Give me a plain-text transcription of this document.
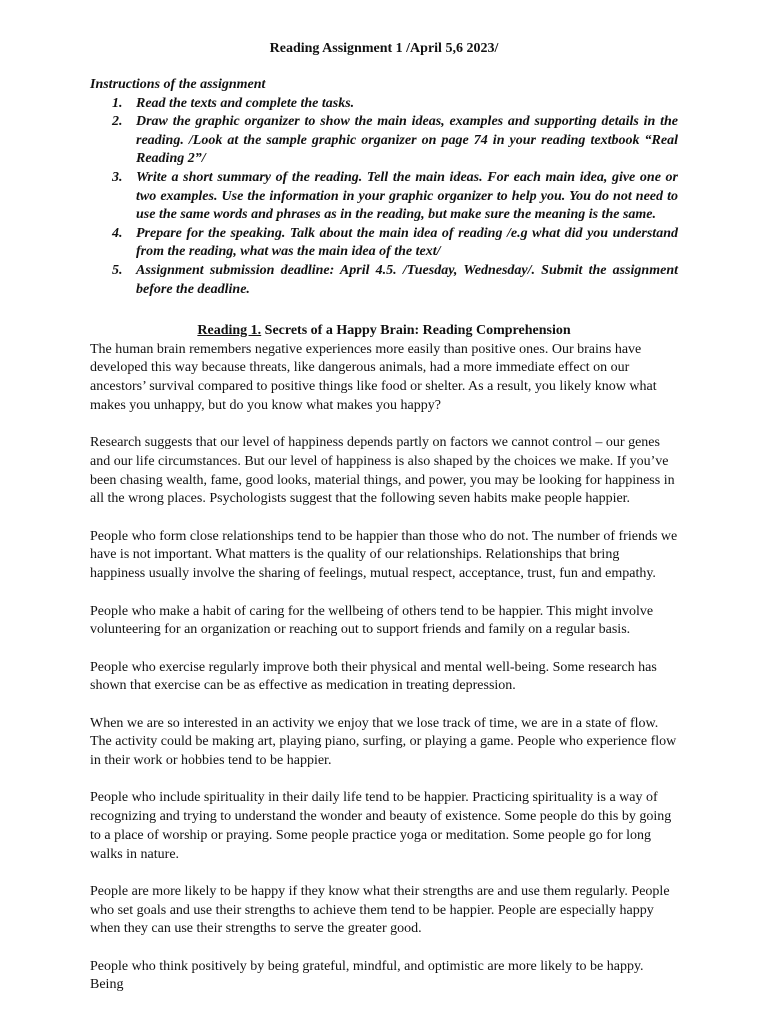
Reading Assignment 1 /April 5,6 2023/

Instructions of the assignment

1. Read the texts and complete the tasks.
2. Draw the graphic organizer to show the main ideas, examples and supporting details in the reading. /Look at the sample graphic organizer on page 74 in your reading textbook “Real Reading 2”/
3. Write a short summary of the reading. Tell the main ideas. For each main idea, give one or two examples. Use the information in your graphic organizer to help you. You do not need to use the same words and phrases as in the reading, but make sure the meaning is the same.
4. Prepare for the speaking. Talk about the main idea of reading /e.g what did you understand from the reading, what was the main idea of the text/
5. Assignment submission deadline: April 4.5. /Tuesday, Wednesday/. Submit the assignment before the deadline.

Reading 1. Secrets of a Happy Brain: Reading Comprehension

The human brain remembers negative experiences more easily than positive ones. Our brains have developed this way because threats, like dangerous animals, had a more immediate effect on our ancestors’ survival compared to positive things like food or shelter. As a result, you likely know what makes you unhappy, but do you know what makes you happy?

Research suggests that our level of happiness depends partly on factors we cannot control – our genes and our life circumstances. But our level of happiness is also shaped by the choices we make. If you’ve been chasing wealth, fame, good looks, material things, and power, you may be looking for happiness in all the wrong places. Psychologists suggest that the following seven habits make people happier.

People who form close relationships tend to be happier than those who do not. The number of friends we have is not important. What matters is the quality of our relationships. Relationships that bring happiness usually involve the sharing of feelings, mutual respect, acceptance, trust, fun and empathy.

People who make a habit of caring for the wellbeing of others tend to be happier. This might involve volunteering for an organization or reaching out to support friends and family on a regular basis.

People who exercise regularly improve both their physical and mental well-being. Some research has shown that exercise can be as effective as medication in treating depression.

When we are so interested in an activity we enjoy that we lose track of time, we are in a state of flow. The activity could be making art, playing piano, surfing, or playing a game. People who experience flow in their work or hobbies tend to be happier.

People who include spirituality in their daily life tend to be happier. Practicing spirituality is a way of recognizing and trying to understand the wonder and beauty of existence. Some people do this by going to a place of worship or praying. Some people practice yoga or meditation. Some people go for long walks in nature.

People are more likely to be happy if they know what their strengths are and use them regularly. People who set goals and use their strengths to achieve them tend to be happier. People are especially happy when they can use their strengths to serve the greater good.

People who think positively by being grateful, mindful, and optimistic are more likely to be happy. Being
